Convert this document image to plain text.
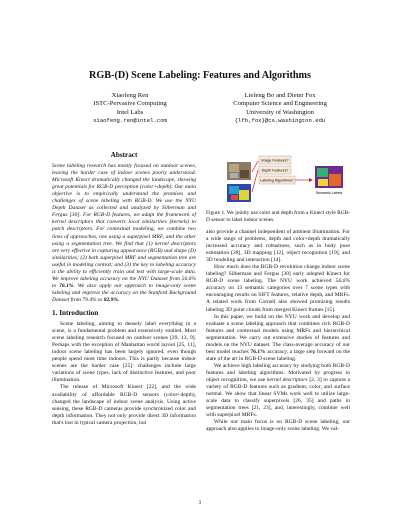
RGB-(D) Scene Labeling: Features and Algorithms
Xiaofeng Ren
ISTC-Pervasive Computing
Intel Labs
xiaofeng.ren@intel.com
Liefeng Bo and Dieter Fox
Computer Science and Engineering
University of Washington
{lfb,fox}@cs.washington.edu
Abstract

Scene labeling research has mostly focused on outdoor scenes, leaving the harder case of indoor scenes poorly understood. Microsoft Kinect dramatically changed the landscape, showing great potentials for RGB-D perception (color+depth). Our main objective is to empirically understand the promises and challenges of scene labeling with RGB-D. We use the NYU Depth Dataset as collected and analyzed by Silberman and Fergus [30]. For RGB-D features, we adapt the framework of kernel descriptors that converts local similarities (kernels) to patch descriptors. For contextual modeling, we combine two lines of approaches, one using a superpixel MRF, and the other using a segmentation tree. We find that (1) kernel descriptors are very effective in capturing appearance (RGB) and shape (D) similarities; (2) both superpixel MRF and segmentation tree are useful in modeling context; and (3) the key to labeling accuracy is the ability to efficiently train and test with large-scale data. We improve labeling accuracy on the NYU Dataset from 56.6% to 76.1%. We also apply our approach to image-only scene labeling and improve the accuracy on the Stanford Background Dataset from 79.4% to 82.9%.

1. Introduction

Scene labeling, aiming to densely label everything in a scene, is a fundamental problem and extensively studied. Most scene labeling research focused on outdoor scenes [29, 13, 9]. Perhaps with the exception of Manhattan world layout [25, 11], indoor scene labeling has been largely ignored, even though people spend most time indoors. This is partly because indoor scenes are the harder case [25]: challenges include large variations of scene types, lack of distinctive features, and poor illumination.

The release of Microsoft Kinect [22], and the wide availability of affordable RGB-D sensors (color+depth), changed the landscape of indoor scene analysis. Using active sensing, these RGB-D cameras provide synchronized color and depth information. They not only provide direct 3D information that's lost in typical camera projection, but

Image Features?
Depth Features?
Labeling Algorithms?
Semantic Labels
Figure 1. We jointly use color and depth from a Kinect style RGB-D sensor to label indoor scenes.

also provide a channel independent of ambient illumination. For a wide range of problems, depth and color+depth dramatically increased accuracy and robustness, such as in body pose estimation [28], 3D mapping [12], object recognition [19], and 3D modeling and interaction [14].

How much does the RGB-D revolution change indoor scene labeling? Silberman and Fergus [30] early adopted Kinect for RGB-D scene labeling. The NYU work achieved 56.6% accuracy on 13 semantic categories over 7 scene types with encouraging results on SIFT features, relative depth, and MRFs. A related work from Cornell also showed promising results labeling 3D point clouds from merged Kinect frames [15].

In this paper, we build on the NYU work and develop and evaluate a scene labeling approach that combines rich RGB-D features and contextual models using MRFs and hierarchical segmentation. We carry out extensive studies of features and models on the NYU dataset. The class-average accuracy of our best model reaches 76.1% accuracy, a large step forward on the state of the art in RGB-D scene labeling.

We achieve high labeling accuracy by studying both RGB-D features and labeling algorithms. Motivated by progress in object recognition, we use kernel descriptors [2, 3] to capture a variety of RGB-D features such as gradient, color, and surface normal. We show that linear SVMs work well to utilize large-scale data to classify superpixels [26, 35] and paths in segmentation trees [21, 23], and, interestingly, combine well with superpixel MRFs.

While our main focus is on RGB-D scene labeling, our approach also applies to image-only scene labeling. We val-

1
